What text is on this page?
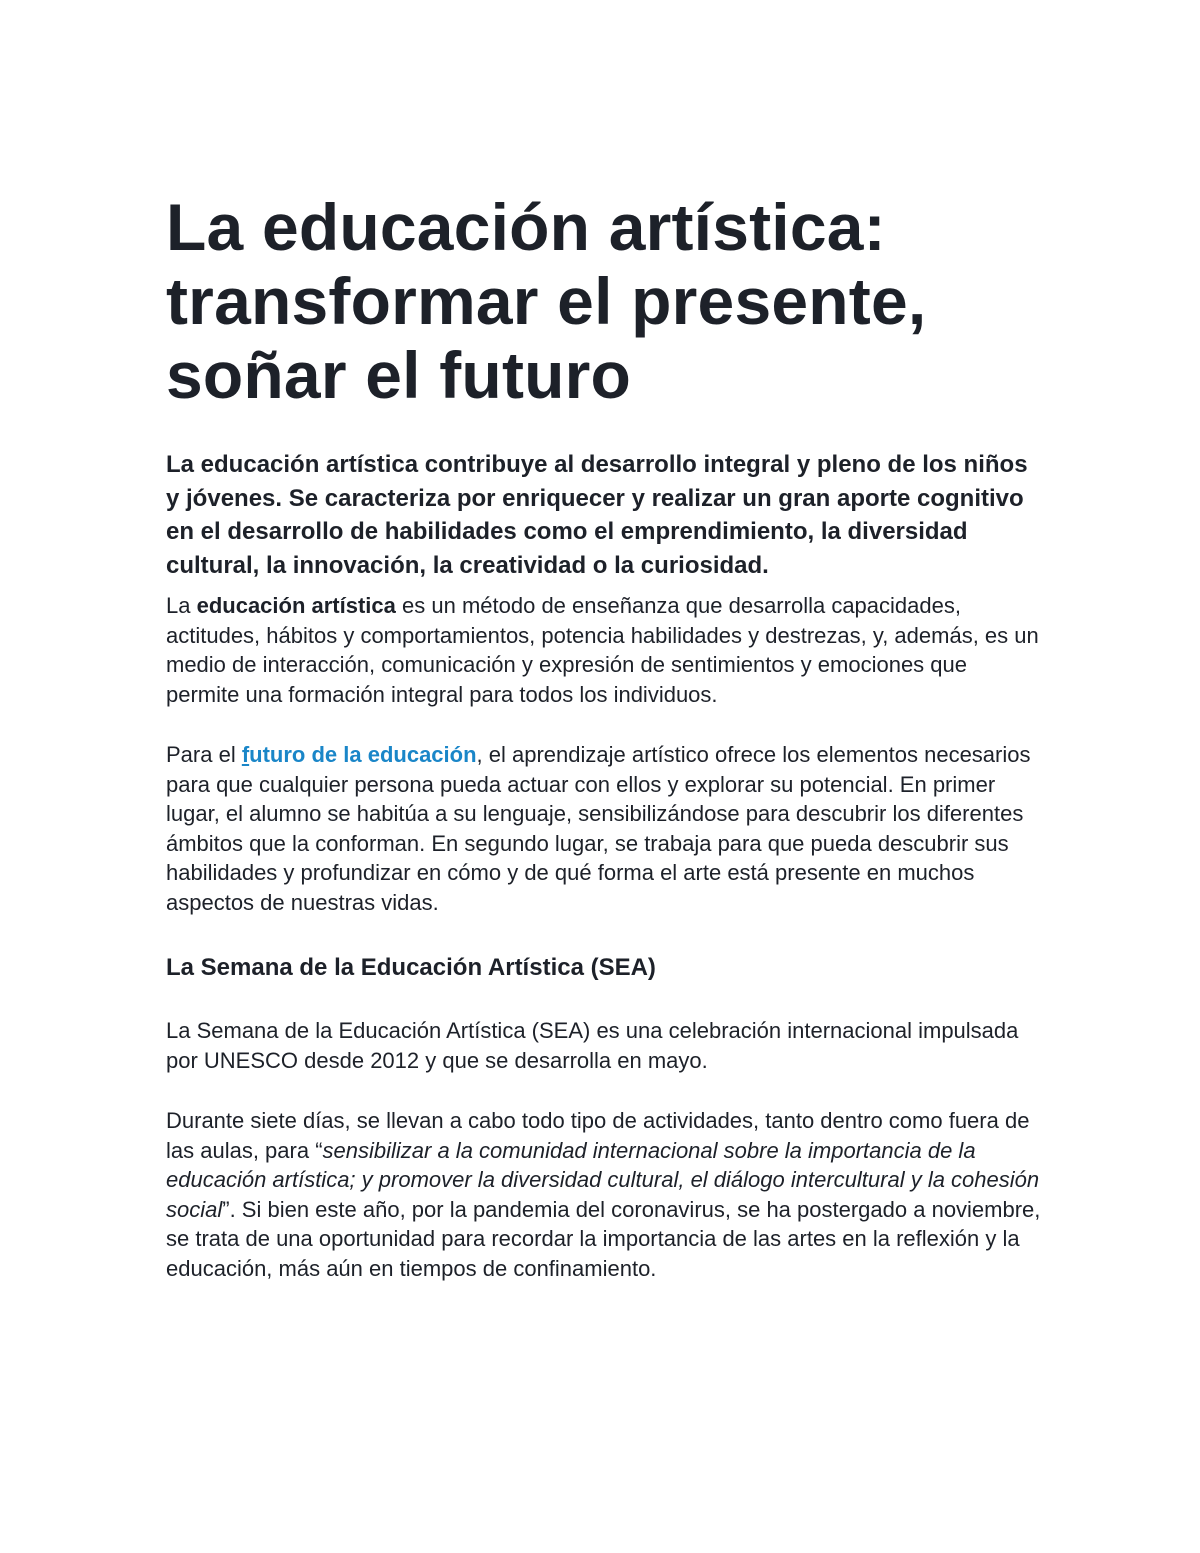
La educación artística:
transformar el presente,
soñar el futuro

La educación artística contribuye al desarrollo integral y pleno de los niños y jóvenes. Se caracteriza por enriquecer y realizar un gran aporte cognitivo en el desarrollo de habilidades como el emprendimiento, la diversidad cultural, la innovación, la creatividad o la curiosidad.

La educación artística es un método de enseñanza que desarrolla capacidades, actitudes, hábitos y comportamientos, potencia habilidades y destrezas, y, además, es un medio de interacción, comunicación y expresión de sentimientos y emociones que permite una formación integral para todos los individuos.

Para el futuro de la educación, el aprendizaje artístico ofrece los elementos necesarios para que cualquier persona pueda actuar con ellos y explorar su potencial. En primer lugar, el alumno se habitúa a su lenguaje, sensibilizándose para descubrir los diferentes ámbitos que la conforman. En segundo lugar, se trabaja para que pueda descubrir sus habilidades y profundizar en cómo y de qué forma el arte está presente en muchos aspectos de nuestras vidas.

La Semana de la Educación Artística (SEA)

La Semana de la Educación Artística (SEA) es una celebración internacional impulsada por UNESCO desde 2012 y que se desarrolla en mayo.

Durante siete días, se llevan a cabo todo tipo de actividades, tanto dentro como fuera de las aulas, para “sensibilizar a la comunidad internacional sobre la importancia de la educación artística; y promover la diversidad cultural, el diálogo intercultural y la cohesión social”. Si bien este año, por la pandemia del coronavirus, se ha postergado a noviembre, se trata de una oportunidad para recordar la importancia de las artes en la reflexión y la educación, más aún en tiempos de confinamiento.
